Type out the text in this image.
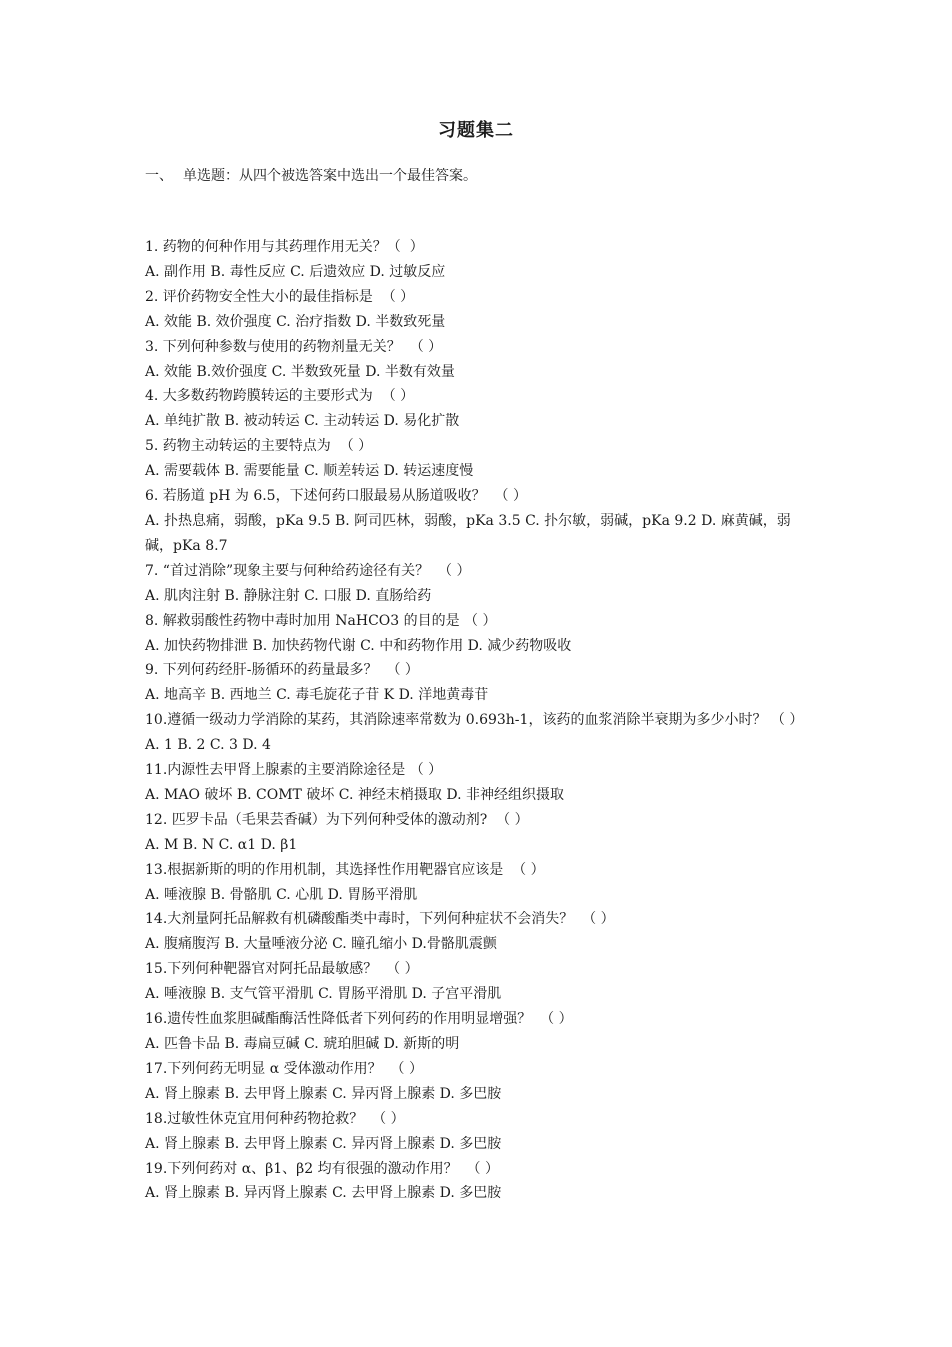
习题集二
一、 单选题：从四个被选答案中选出一个最佳答案。
1. 药物的何种作用与其药理作用无关？（  ）
A. 副作用 B. 毒性反应 C. 后遗效应 D. 过敏反应
2. 评价药物安全性大小的最佳指标是  （ ）
A. 效能 B. 效价强度 C. 治疗指数 D. 半数致死量
3. 下列何种参数与使用的药物剂量无关？  （ ）
A. 效能 B.效价强度 C. 半数致死量 D. 半数有效量
4. 大多数药物跨膜转运的主要形式为  （ ）
A. 单纯扩散 B. 被动转运 C. 主动转运 D. 易化扩散
5. 药物主动转运的主要特点为  （ ）
A. 需要载体 B. 需要能量 C. 顺差转运 D. 转运速度慢
6. 若肠道 pH 为 6.5，下述何药口服最易从肠道吸收？  （ ）
A. 扑热息痛，弱酸，pKa 9.5 B. 阿司匹林，弱酸，pKa 3.5 C. 扑尔敏，弱碱，pKa 9.2 D. 麻黄碱，弱碱，pKa 8.7
7. “首过消除”现象主要与何种给药途径有关？  （ ）
A. 肌肉注射 B. 静脉注射 C. 口服 D. 直肠给药
8. 解救弱酸性药物中毒时加用 NaHCO3 的目的是 （ ）
A. 加快药物排泄 B. 加快药物代谢 C. 中和药物作用 D. 减少药物吸收
9. 下列何药经肝-肠循环的药量最多？  （ ）
A. 地高辛 B. 西地兰 C. 毒毛旋花子苷 K D. 洋地黄毒苷
10.遵循一级动力学消除的某药，其消除速率常数为 0.693h-1，该药的血浆消除半衰期为多少小时？ （ ）
A. 1 B. 2 C. 3 D. 4
11.内源性去甲肾上腺素的主要消除途径是 （ ）
A. MAO 破坏 B. COMT 破坏 C. 神经末梢摄取 D. 非神经组织摄取
12. 匹罗卡品（毛果芸香碱）为下列何种受体的激动剂?  （ ）
A. M B. N C. α1 D. β1
13.根据新斯的明的作用机制，其选择性作用靶器官应该是  （ ）
A. 唾液腺 B. 骨骼肌 C. 心肌 D. 胃肠平滑肌
14.大剂量阿托品解救有机磷酸酯类中毒时，下列何种症状不会消失？  （ ）
A. 腹痛腹泻 B. 大量唾液分泌 C. 瞳孔缩小 D.骨骼肌震颤
15.下列何种靶器官对阿托品最敏感？  （ ）
A. 唾液腺 B. 支气管平滑肌 C. 胃肠平滑肌 D. 子宫平滑肌
16.遗传性血浆胆碱酯酶活性降低者下列何药的作用明显增强？  （ ）
A. 匹鲁卡品 B. 毒扁豆碱 C. 琥珀胆碱 D. 新斯的明
17.下列何药无明显 α 受体激动作用？  （ ）
A. 肾上腺素 B. 去甲肾上腺素 C. 异丙肾上腺素 D. 多巴胺
18.过敏性休克宜用何种药物抢救？  （ ）
A. 肾上腺素 B. 去甲肾上腺素 C. 异丙肾上腺素 D. 多巴胺
19.下列何药对 α、β1、β2 均有很强的激动作用？  （ ）
A. 肾上腺素 B. 异丙肾上腺素 C. 去甲肾上腺素 D. 多巴胺
